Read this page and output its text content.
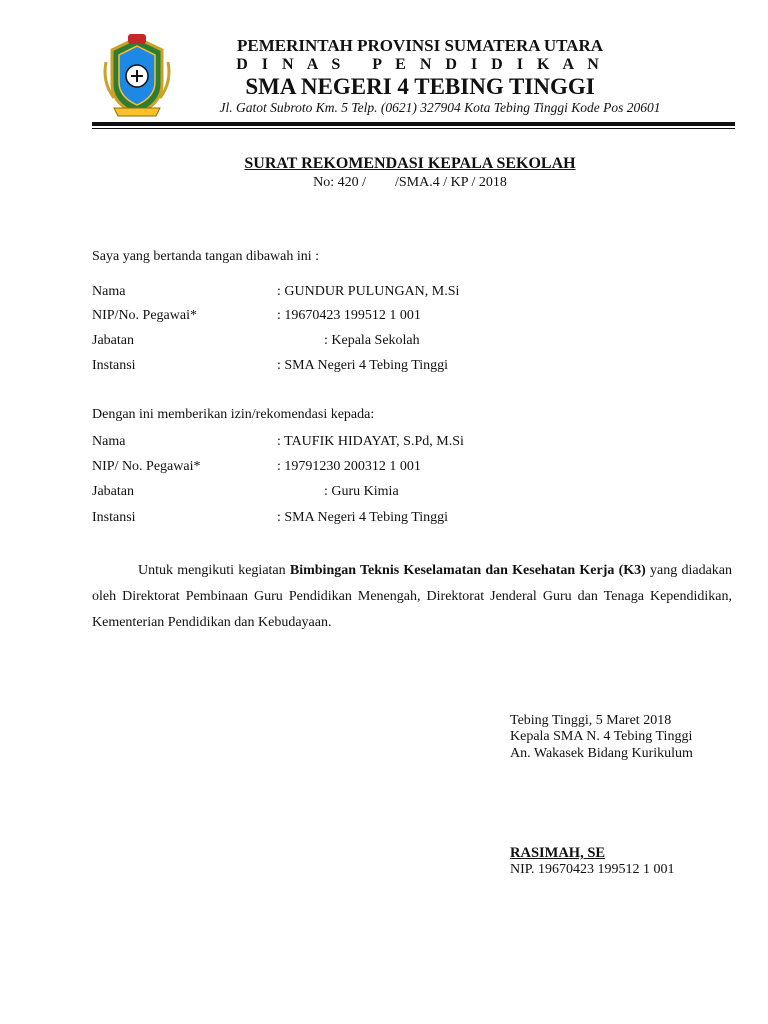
PEMERINTAH PROVINSI SUMATERA UTARA
D I N A S   P E N D I D I K A N
SMA NEGERI 4 TEBING TINGGI
Jl. Gatot Subroto Km. 5 Telp. (0621) 327904 Kota Tebing Tinggi Kode Pos 20601
SURAT REKOMENDASI KEPALA SEKOLAH
No: 420 / /SMA.4 / KP / 2018
Saya yang bertanda tangan dibawah ini :
Nama	: GUNDUR PULUNGAN, M.Si
NIP/No. Pegawai*	: 19670423 199512 1 001
Jabatan	: Kepala Sekolah
Instansi	: SMA Negeri 4 Tebing Tinggi
Dengan ini memberikan izin/rekomendasi kepada:
Nama	: TAUFIK HIDAYAT, S.Pd, M.Si
NIP/ No. Pegawai*	: 19791230 200312 1 001
Jabatan	: Guru Kimia
Instansi	: SMA Negeri 4 Tebing Tinggi
Untuk mengikuti kegiatan Bimbingan Teknis Keselamatan dan Kesehatan Kerja (K3) yang diadakan oleh Direktorat Pembinaan Guru Pendidikan Menengah, Direktorat Jenderal Guru dan Tenaga Kependidikan, Kementerian Pendidikan dan Kebudayaan.
Tebing Tinggi, 5 Maret 2018
Kepala SMA N. 4 Tebing Tinggi
An. Wakasek Bidang Kurikulum
RASIMAH, SE
NIP. 19670423 199512 1 001
